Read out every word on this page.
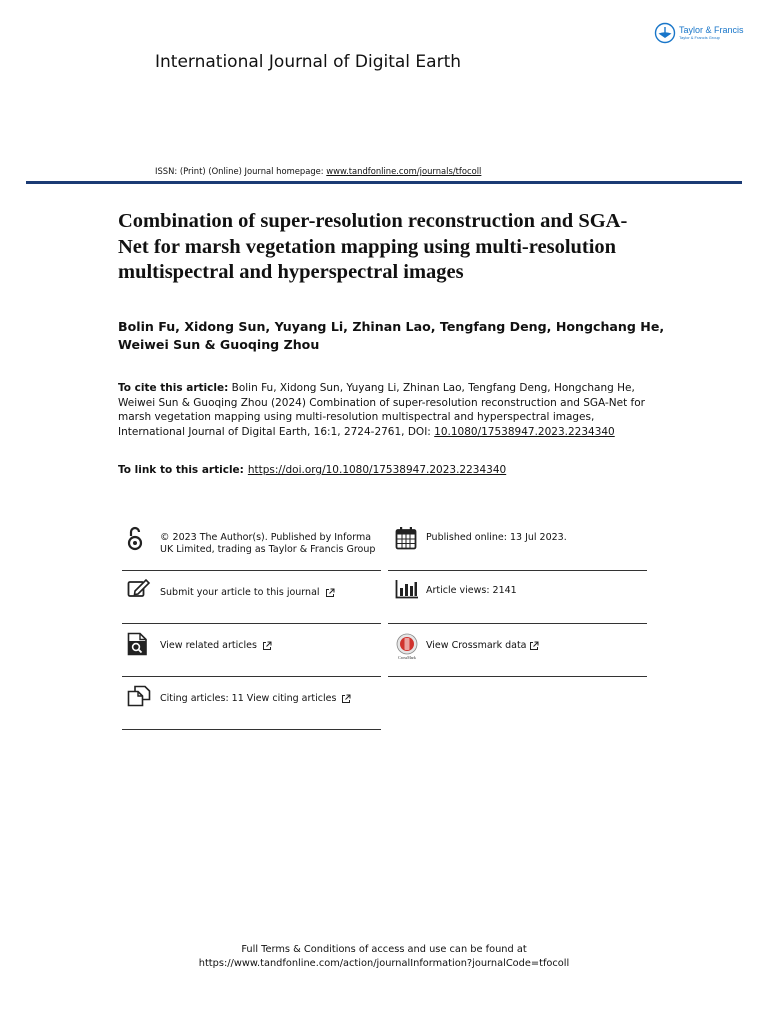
Taylor & Francis
Taylor & Francis Group
International Journal of Digital Earth
ISSN: (Print) (Online) Journal homepage: www.tandfonline.com/journals/tfocoll
Combination of super-resolution reconstruction and SGA-Net for marsh vegetation mapping using multi-resolution multispectral and hyperspectral images
Bolin Fu, Xidong Sun, Yuyang Li, Zhinan Lao, Tengfang Deng, Hongchang He, Weiwei Sun & Guoqing Zhou
To cite this article: Bolin Fu, Xidong Sun, Yuyang Li, Zhinan Lao, Tengfang Deng, Hongchang He, Weiwei Sun & Guoqing Zhou (2024) Combination of super-resolution reconstruction and SGA-Net for marsh vegetation mapping using multi-resolution multispectral and hyperspectral images, International Journal of Digital Earth, 16:1, 2724-2761, DOI: 10.1080/17538947.2023.2234340
To link to this article: https://doi.org/10.1080/17538947.2023.2234340
© 2023 The Author(s). Published by Informa UK Limited, trading as Taylor & Francis Group
Submit your article to this journal
View related articles
Citing articles: 11 View citing articles
Published online: 13 Jul 2023.
Article views: 2141
CrossMark
View Crossmark data
Full Terms & Conditions of access and use can be found at
https://www.tandfonline.com/action/journalInformation?journalCode=tfocoll
